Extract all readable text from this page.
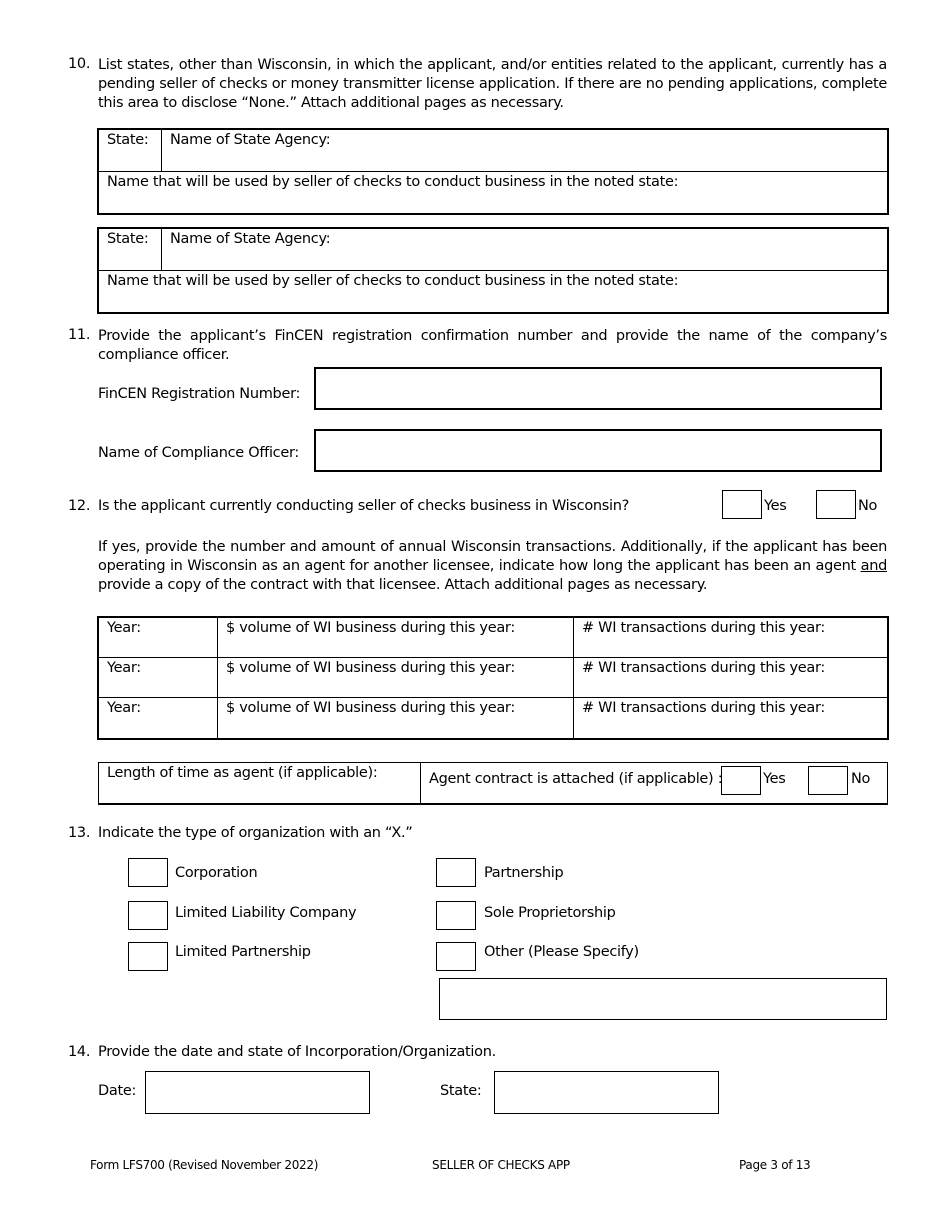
10. List states, other than Wisconsin, in which the applicant, and/or entities related to the applicant, currently has a pending seller of checks or money transmitter license application. If there are no pending applications, complete this area to disclose “None.” Attach additional pages as necessary.
State:	Name of State Agency:
Name that will be used by seller of checks to conduct business in the noted state:
State:	Name of State Agency:
Name that will be used by seller of checks to conduct business in the noted state:
11. Provide the applicant’s FinCEN registration confirmation number and provide the name of the company’s compliance officer.
FinCEN Registration Number:
Name of Compliance Officer:
12. Is the applicant currently conducting seller of checks business in Wisconsin?	Yes	No
If yes, provide the number and amount of annual Wisconsin transactions. Additionally, if the applicant has been operating in Wisconsin as an agent for another licensee, indicate how long the applicant has been an agent and provide a copy of the contract with that licensee. Attach additional pages as necessary.
Year:	$ volume of WI business during this year:	# WI transactions during this year:
Year:	$ volume of WI business during this year:	# WI transactions during this year:
Year:	$ volume of WI business during this year:	# WI transactions during this year:
Length of time as agent (if applicable):	Agent contract is attached (if applicable) :	Yes	No
13. Indicate the type of organization with an “X.”
Corporation	Partnership
Limited Liability Company	Sole Proprietorship
Limited Partnership	Other (Please Specify)
14. Provide the date and state of Incorporation/Organization.
Date:	State:
Form LFS700 (Revised November 2022)	SELLER OF CHECKS APP	Page 3 of 13
